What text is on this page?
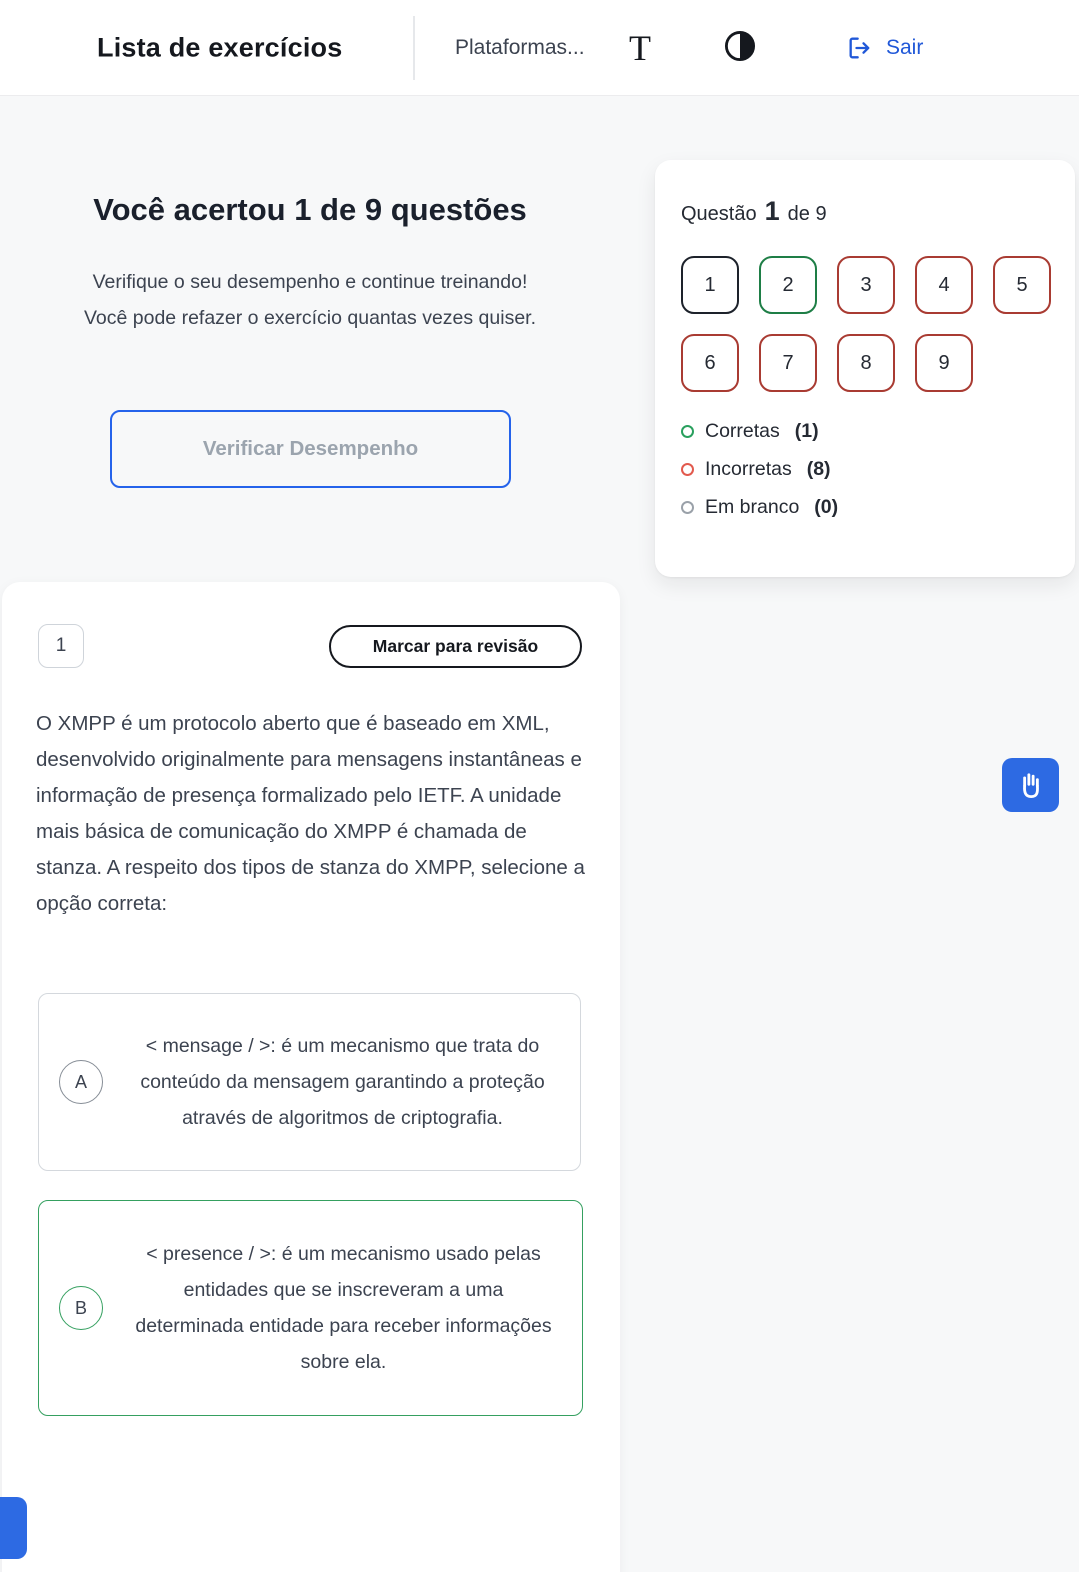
Lista de exercícios	Plataformas... T	Sair
Você acertou 1 de 9 questões

Verifique o seu desempenho e continue treinando! Você pode refazer o exercício quantas vezes quiser.

Verificar Desempenho
Questão 1 de 9
1	2	3	4	5
6	7	8	9
Corretas (1)
Incorretas (8)
Em branco (0)
1	Marcar para revisão

O XMPP é um protocolo aberto que é baseado em XML, desenvolvido originalmente para mensagens instantâneas e informação de presença formalizado pelo IETF. A unidade mais básica de comunicação do XMPP é chamada de stanza. A respeito dos tipos de stanza do XMPP, selecione a opção correta:

A
< mensage / >: é um mecanismo que trata do conteúdo da mensagem garantindo a proteção através de algoritmos de criptografia.
B
< presence / >: é um mecanismo usado pelas entidades que se inscreveram a uma determinada entidade para receber informações sobre ela.
